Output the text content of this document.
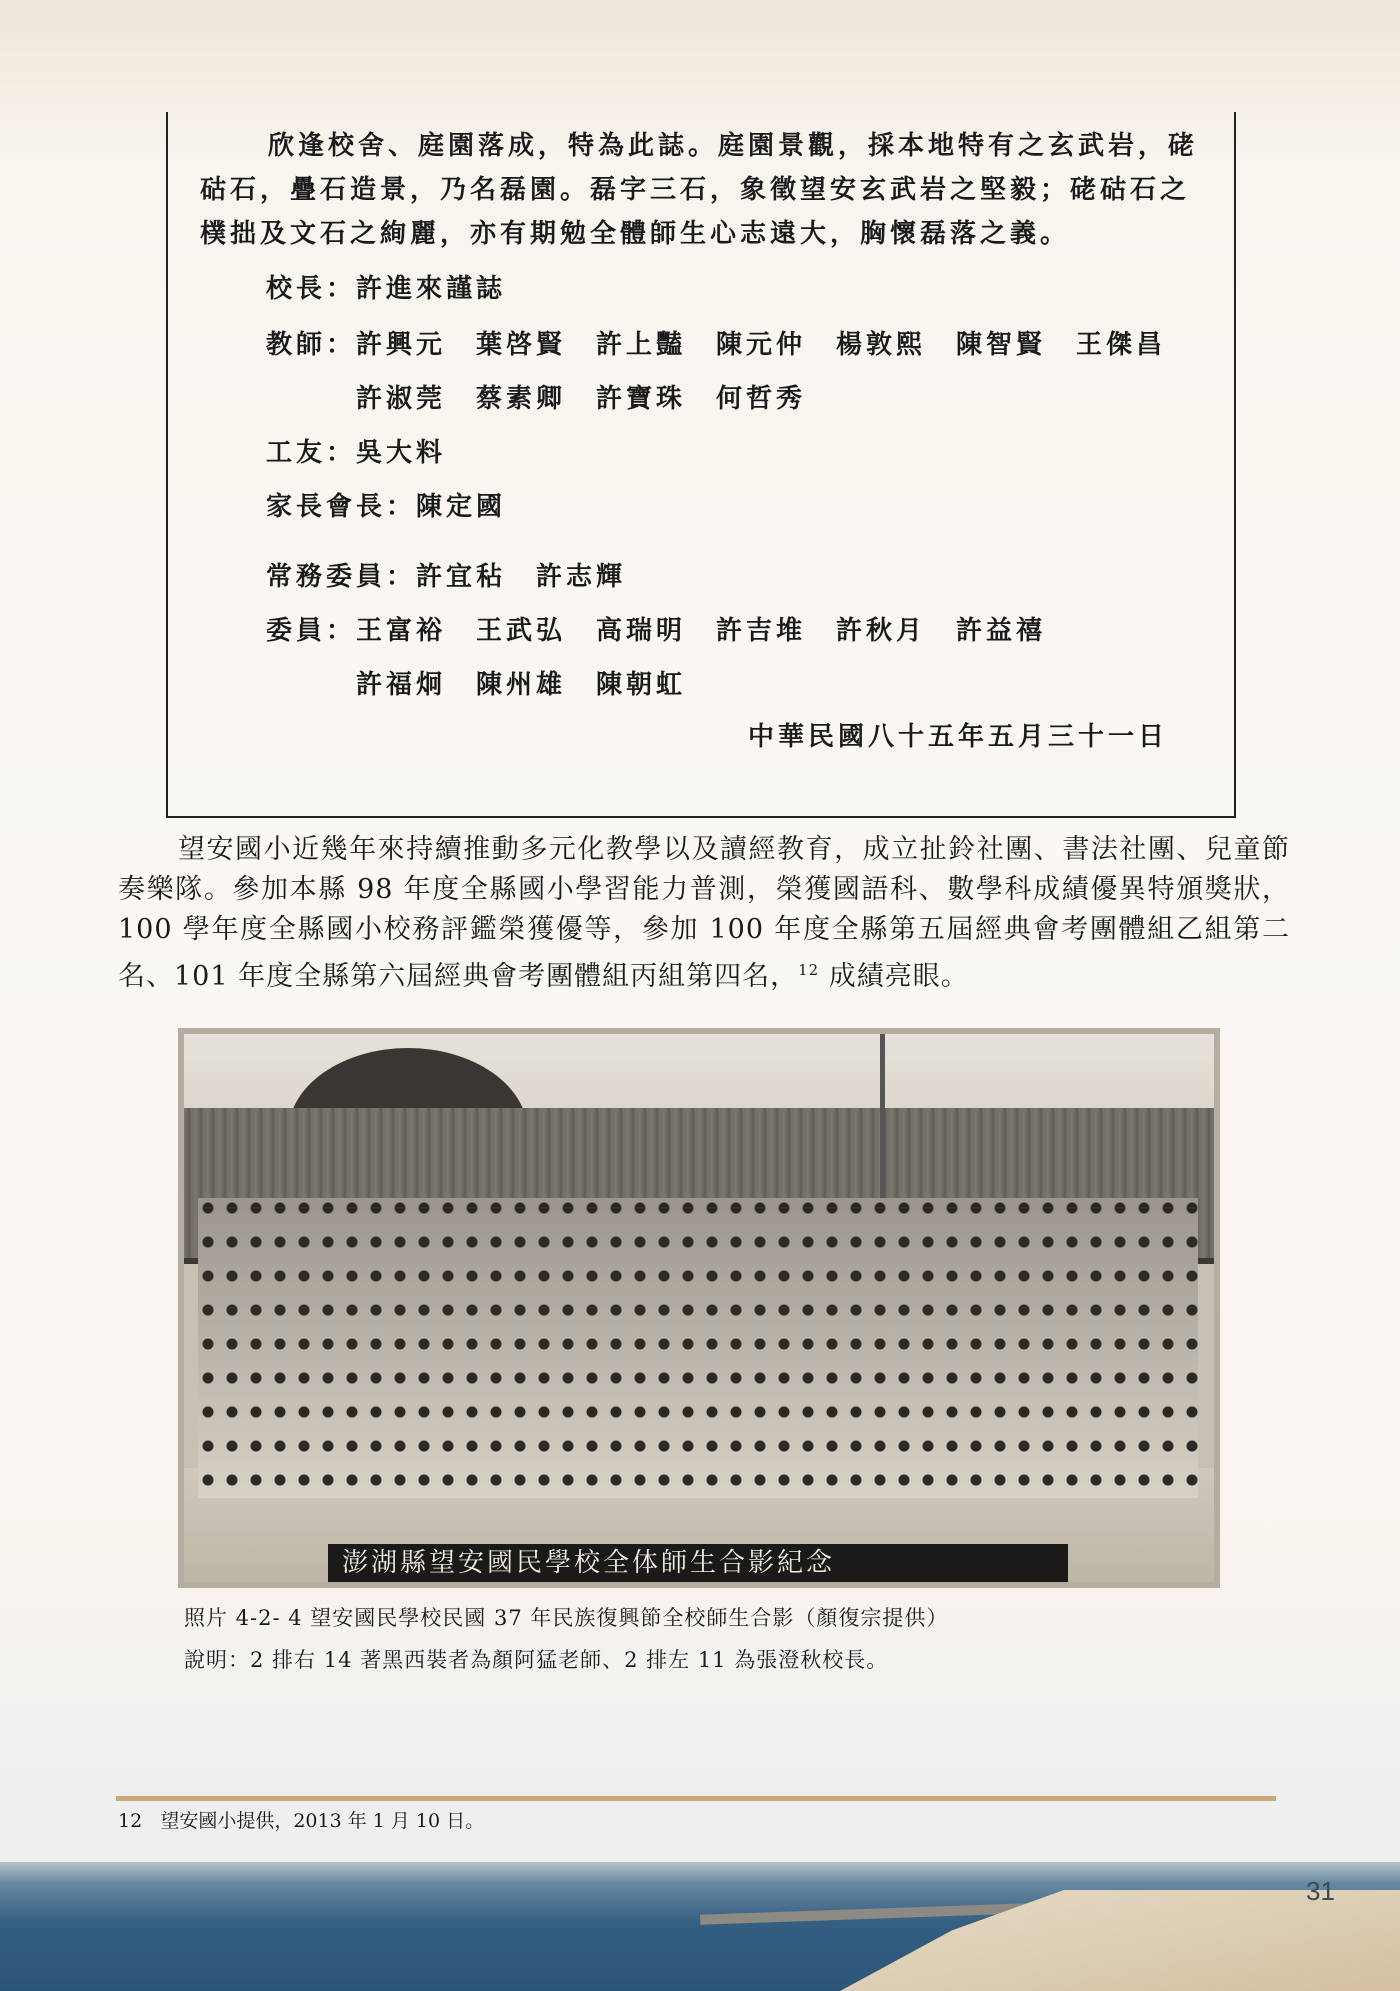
欣逢校舍、庭園落成，特為此誌。庭園景觀，採本地特有之玄武岩，硓𥑮石，疊石造景，乃名磊園。磊字三石，象徵望安玄武岩之堅毅；硓𥑮石之樸拙及文石之絢麗，亦有期勉全體師生心志遠大，胸懷磊落之義。
校長：許進來謹誌
教師：許興元　葉啓賢　許上豔　陳元仲　楊敦熙　陳智賢　王傑昌
許淑莞　蔡素卿　許寶珠　何哲秀
工友：吳大料
家長會長：陳定國
常務委員：許宜秥　許志輝
委員：王富裕　王武弘　高瑞明　許吉堆　許秋月　許益禧
許福炯　陳州雄　陳朝虹
中華民國八十五年五月三十一日
望安國小近幾年來持續推動多元化教學以及讀經教育，成立扯鈴社團、書法社團、兒童節奏樂隊。參加本縣 98 年度全縣國小學習能力普測，榮獲國語科、數學科成績優異特頒獎狀，100 學年度全縣國小校務評鑑榮獲優等，參加 100 年度全縣第五屆經典會考團體組乙組第二名、101 年度全縣第六屆經典會考團體組丙組第四名，$^{12}$ 成績亮眼。
澎湖縣望安國民學校全体師生合影紀念
照片 4-2- 4 望安國民學校民國 37 年民族復興節全校師生合影（顏復宗提供）
說明：2 排右 14 著黑西裝者為顏阿猛老師、2 排左 11 為張澄秋校長。
12 望安國小提供，2013 年 1 月 10 日。
31
